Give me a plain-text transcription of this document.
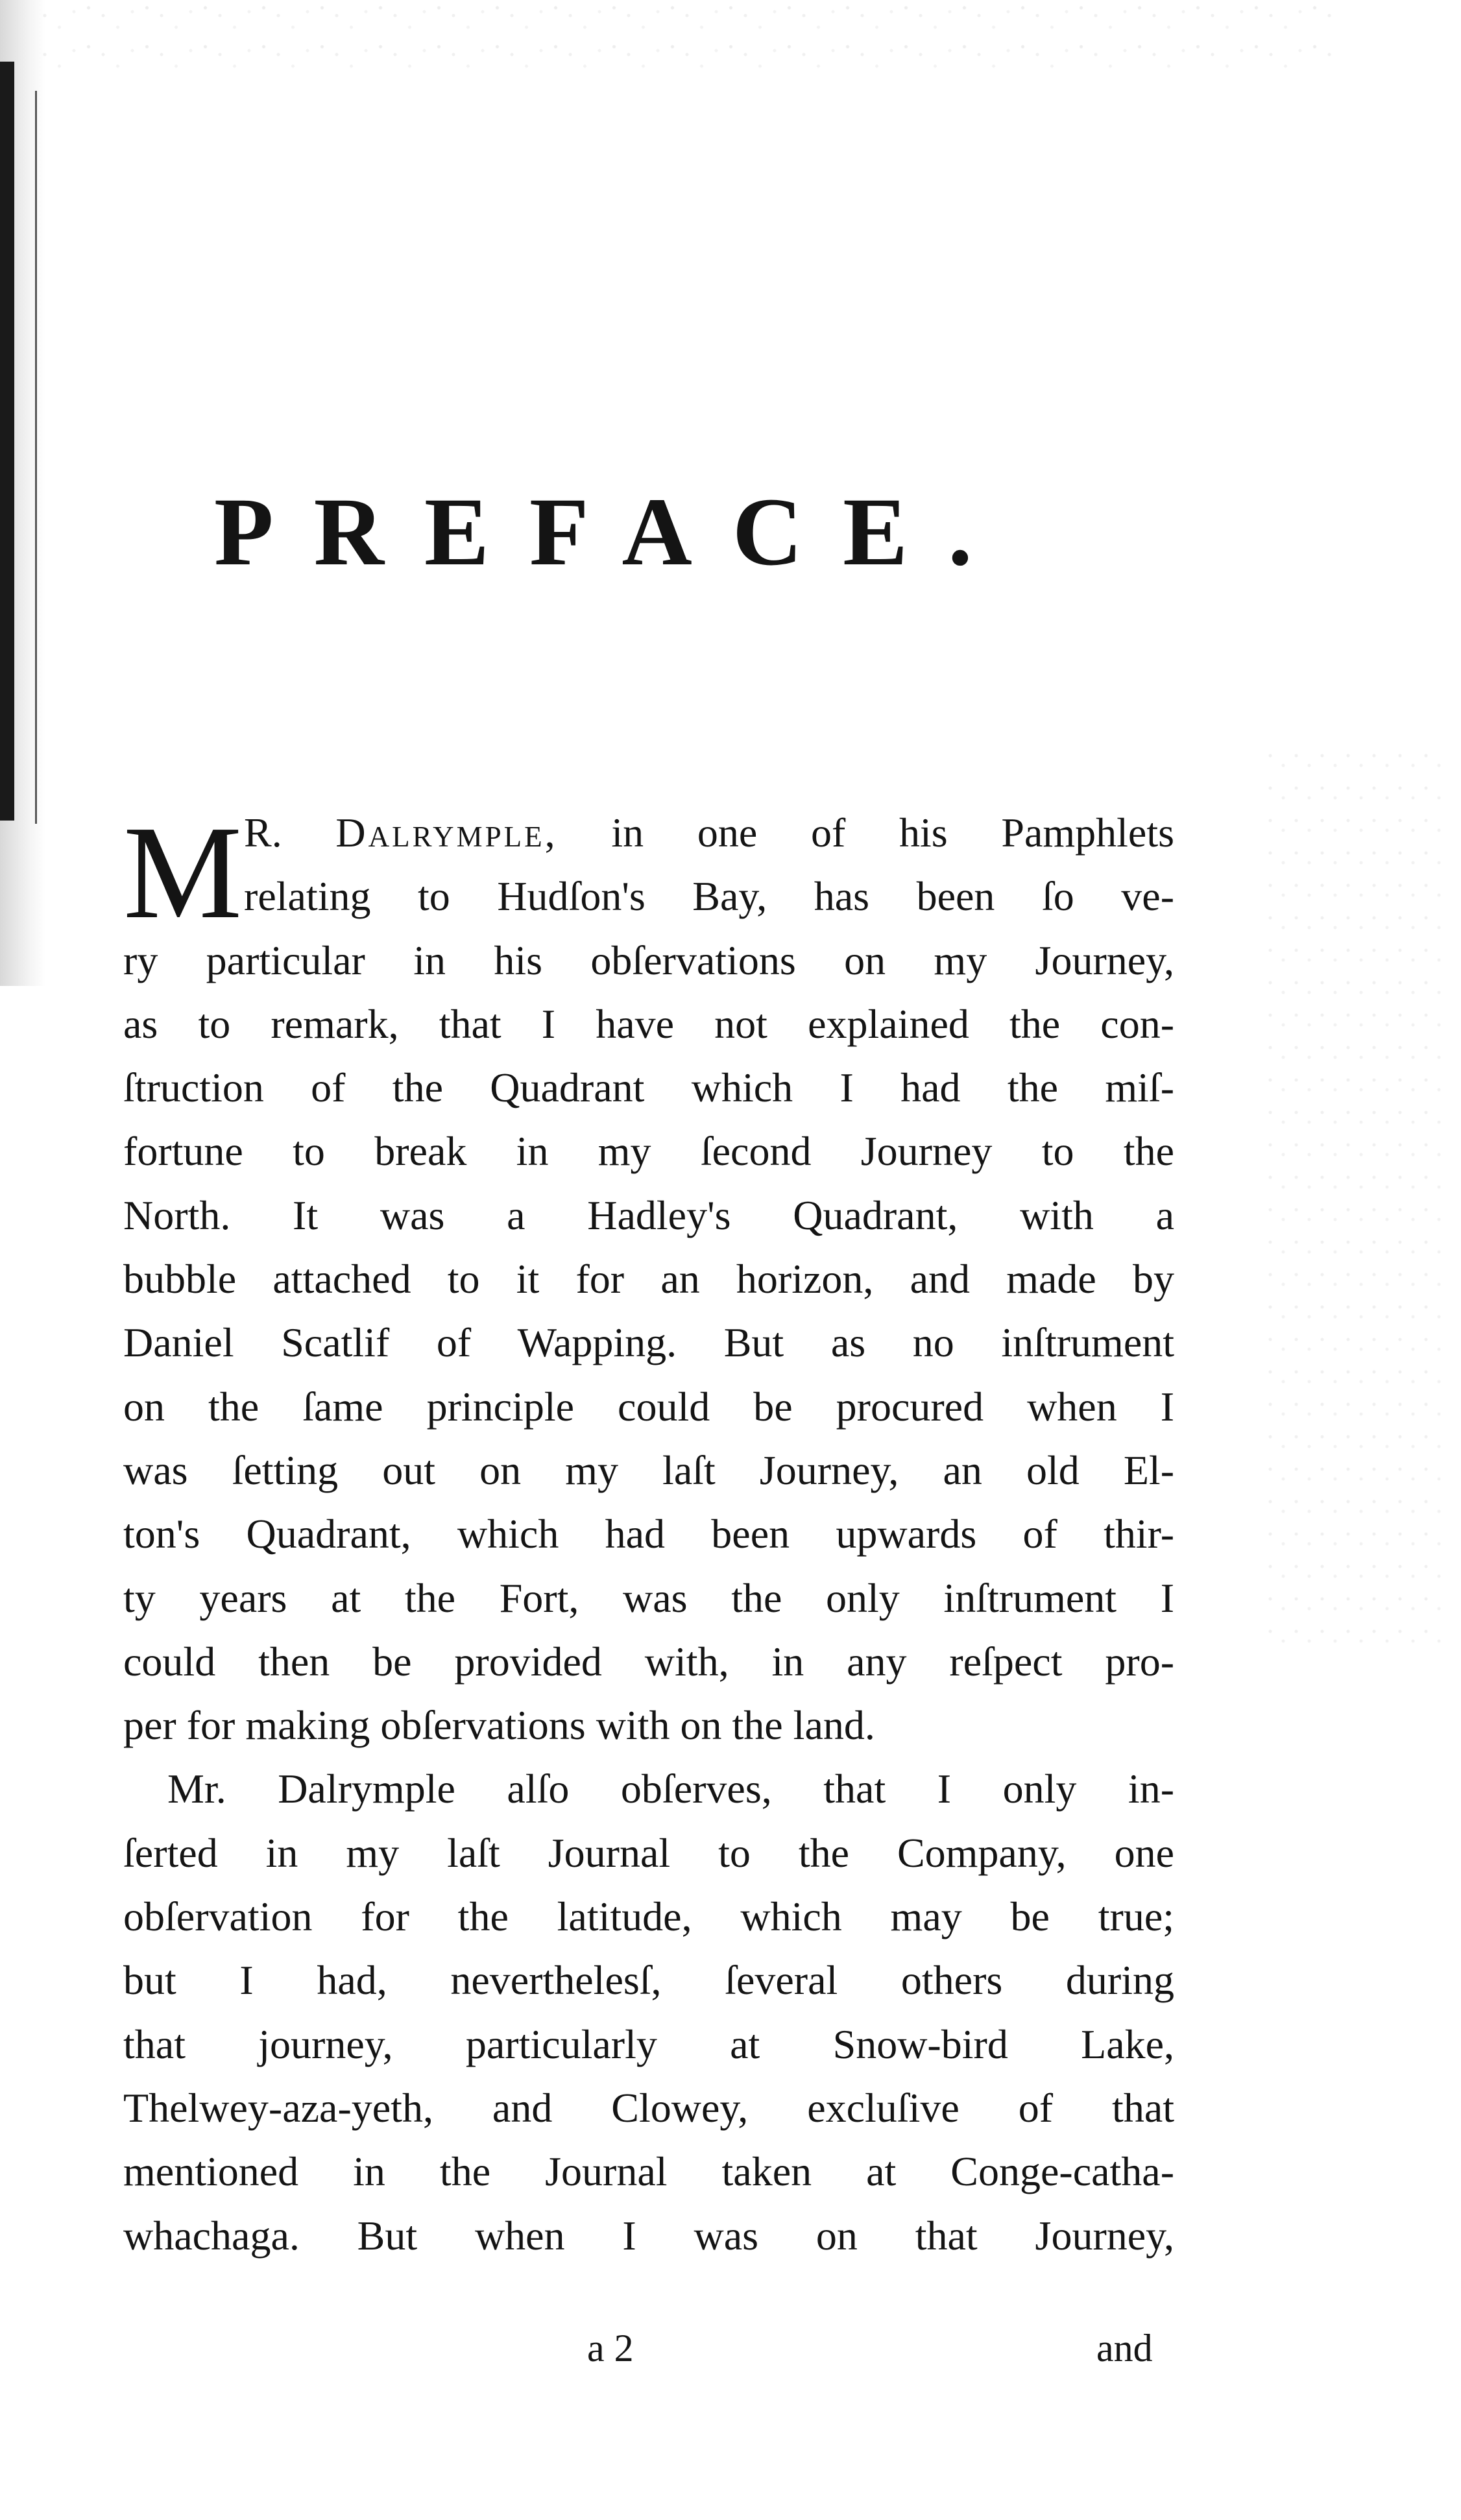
PREFACE.
M R. Dalrymple, in one of his Pamphlets
relating to Hudſon's Bay, has been ſo ve-
ry particular in his obſervations on my Journey,
as to remark, that I have not explained the con-
ſtruction of the Quadrant which I had the miſ-
fortune to break in my ſecond Journey to the
North. It was a Hadley's Quadrant, with a
bubble attached to it for an horizon, and made by
Daniel Scatlif of Wapping. But as no inſtrument
on the ſame principle could be procured when I
was ſetting out on my laſt Journey, an old El-
ton's Quadrant, which had been upwards of thir-
ty years at the Fort, was the only inſtrument I
could then be provided with, in any reſpect pro-
per for making obſervations with on the land.
Mr. Dalrymple alſo obſerves, that I only in-
ſerted in my laſt Journal to the Company, one
obſervation for the latitude, which may be true;
but I had, neverthelesſ, ſeveral others during
that journey, particularly at Snow-bird Lake,
Thelwey-aza-yeth, and Clowey, excluſive of that
mentioned in the Journal taken at Conge-catha-
whachaga. But when I was on that Journey,
a 2	and
